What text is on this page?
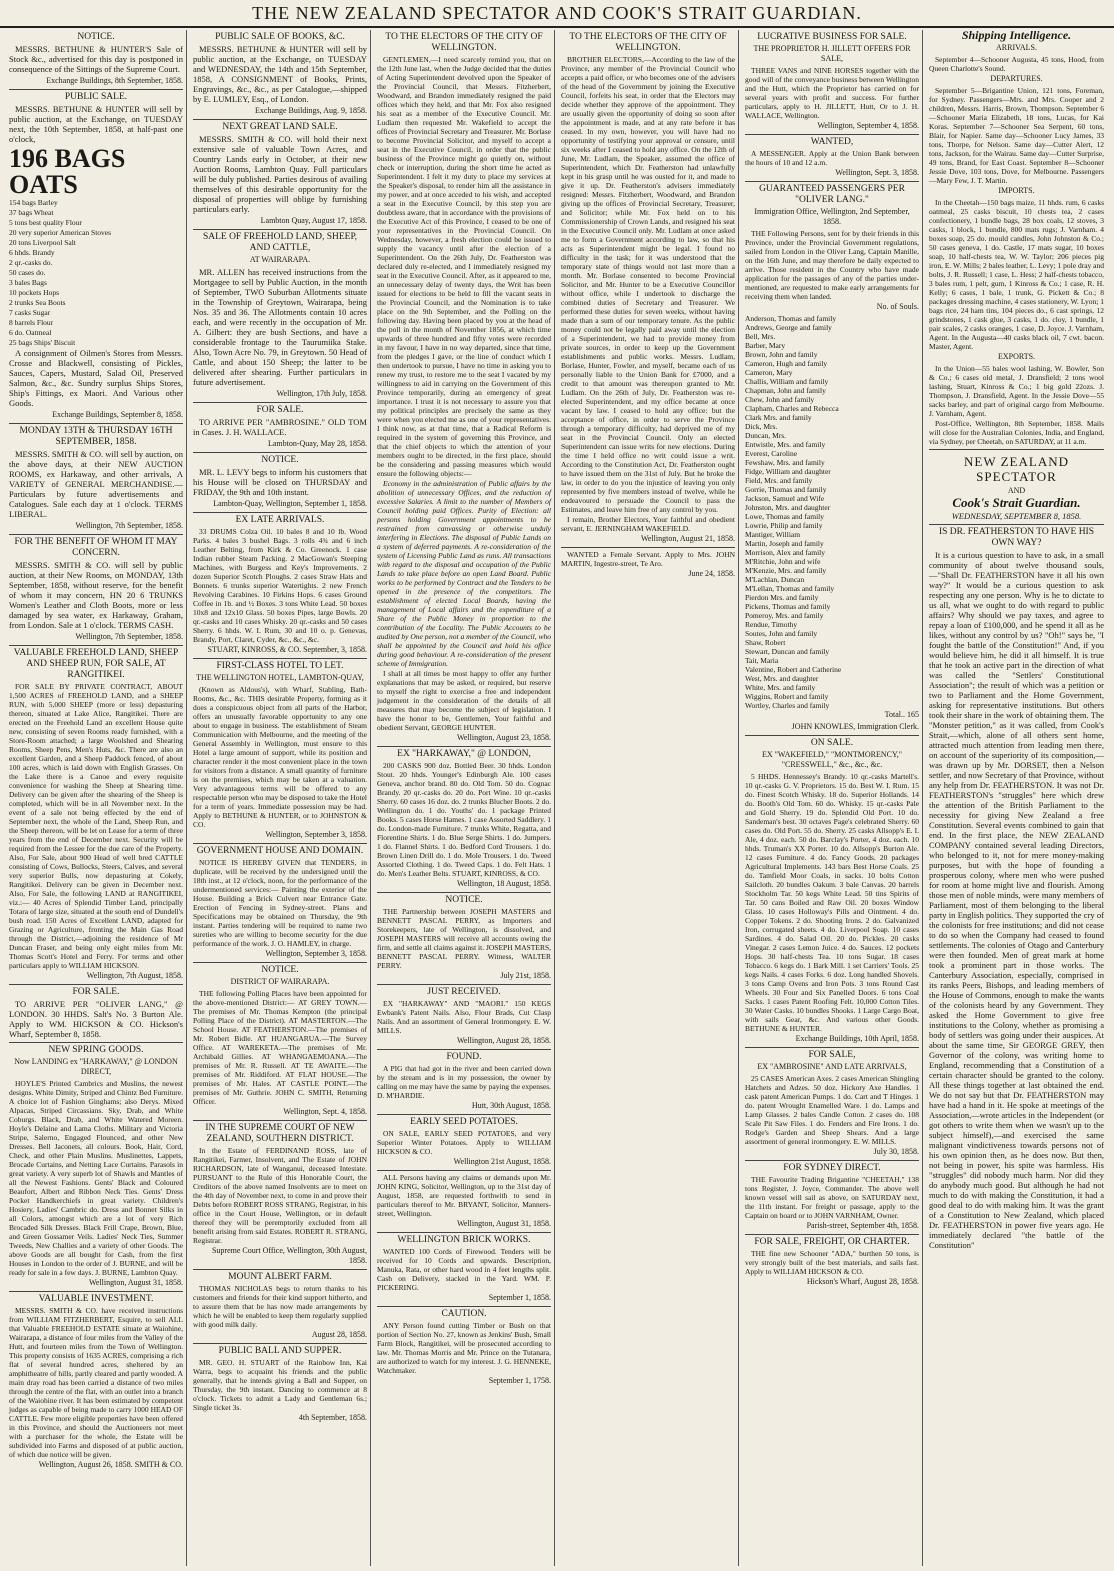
THE NEW ZEALAND SPECTATOR AND COOK'S STRAIT GUARDIAN.
NOTICE.
MESSRS. BETHUNE & HUNTER'S Sale of Stock &c., advertised for this day is postponed in consequence of the Sittings of the Supreme Court.
Exchange Buildings, 8th September, 1858.
PUBLIC SALE.
MESSRS. BETHUNE & HUNTER will sell by public auction, at the Exchange, on TUESDAY next, the 10th September, 1858, at half-past one o'clock,
196 BAGS OATS
154 bags Barley
37 bags Wheat
5 tons best quality Flour
20 very superior American Stoves
20 tons Liverpool Salt
6 hhds. Brandy
2 qr.-casks do.
50 cases do.
3 bales Bags
10 pockets Hops
2 trunks Sea Boots
7 casks Sugar
8 barrels Flour
6 do. Oatmeal
25 bags Ships' Biscuit
A consignment of Oilmen's Stores from Messrs. Crosse and Blackwell, consisting of Pickles, Sauces, Capers, Mustard, Salad Oil, Preserved Salmon, &c., &c. Sundry surplus Ships Stores, Ship's Fittings, ex Maori. And Various other Goods.
Exchange Buildings, September 8, 1858.
MONDAY 13TH & THURSDAY 16TH SEPTEMBER, 1858.
MESSRS. SMITH & CO. will sell by auction, on the above days, at their NEW AUCTION ROOMS, ex Harkaway, and other arrivals, A VARIETY of GENERAL MERCHANDISE.— Particulars by future advertisements and Catalogues. Sale each day at 1 o'clock. TERMS LIBERAL.
Wellington, 7th September, 1858.
FOR THE BENEFIT OF WHOM IT MAY CONCERN.
MESSRS. SMITH & CO. will sell by public auction, at their New Rooms, on MONDAY, 13th September, 1858, without reserve, for the benefit of whom it may concern, HN 20 6 TRUNKS Women's Leather and Cloth Boots, more or less damaged by sea water, ex Harkaway, Graham, from London. Sale at 1 o'clock. TERMS CASH.
Wellington, 7th September, 1858.
VALUABLE FREEHOLD LAND, SHEEP AND SHEEP RUN, FOR SALE, AT RANGITIKEI.
FOR SALE BY PRIVATE CONTRACT, ABOUT 1,500 ACRES of FREEHOLD LAND, and a SHEEP RUN, with 5,000 SHEEP (more or less) depasturing thereon, situated at Lake Alice, Rangitikei. There are erected on the Freehold Land an excellent House quite new, consisting of seven Rooms ready furnished, with a Store-Room attached; a large Woolshed and Shearing Rooms, Sheep Pens, Men's Huts, &c. There are also an excellent Garden, and a Sheep Paddock fenced, of about 100 acres, which is laid down with English Grasses. On the Lake there is a Canoe and every requisite convenience for washing the Sheep at Shearing time. Delivery can be given after the shearing of the Sheep is completed, which will be in all November next. In the event of a sale not being effected by the end of September next, the whole of the Land, Sheep Run, and the Sheep thereon, will be let on Lease for a term of three years from the end of December next. Security will be required from the Lessee for the due care of the Property. Also, For Sale, about 900 Head of well bred CATTLE consisting of Cows, Bullocks, Steers, Calves, and several very superior Bulls, now depasturing at Cokely, Rangitikei. Delivery can be given in December next. Also, For Sale, the following LAND at RANGITIKEI, viz.:— 40 Acres of Splendid Timber Land, principally Totara of large size, situated at the south end of Dundell's bush road. 150 Acres of Excellent LAND, adapted for Grazing or Agriculture, fronting the Main Gas Road through the District,—adjoining the residence of Mr Duncan Fraser, and being only eight miles from Mr. Thomas Scott's Hotel and Ferry. For terms and other particulars apply to WILLIAM HICKSON.
Wellington, 7th August, 1858.
FOR SALE.
TO ARRIVE PER "OLIVER LANG," @ LONDON. 30 HHDS. Salt's No. 3 Burton Ale. Apply to WM. HICKSON & CO. Hickson's Wharf, September 8, 1858.
NEW SPRING GOODS.
Now LANDING ex "HARKAWAY," @ LONDON DIRECT,
HOYLE'S Printed Cambrics and Muslins, the newest designs. White Dimity, Striped and Chintz Bed Furniture. A choice lot of Fashion Ginghams; also Derys. Mixed Alpacas, Striped Circassians. Sky, Drab, and White Coburgs. Black, Drab, and White Watered Moreen. Hoyle's Delaine and Lama Cloths. Military and Victoria Stripe, Salerno, Engaged Flounced, and other New Dresses. Bell Jaconets, all colours. Book, Hair, Cord, Check, and other Plain Muslins. Muslinettes, Lappets, Brocade Curtains, and Netting Lace Curtains. Parasols in great variety. A very superb lot of Shawls and Mantles of all the Newest Fashions. Gents' Black and Coloured Beaufort, Albert and Ribbon Neck Ties. Gents' Dress Pocket Handkerchiefs in great variety. Children's Hosiery, Ladies' Cambric do. Dress and Bonnet Silks in all Colors, amongst which are a lot of very Rich Brocaded Silk Dresses. Black Frill Crape, Brown, Blue, and Green Gossamer Veils. Ladies' Neck Ties, Summer Tweeds, New Challies and a variety of other Goods. The above Goods are all bought for Cash, from the first Houses in London to the order of J. BURNE, and will be ready for sale in a few days. J. BURNE, Lambton Quay.
Wellington, August 31, 1858.
VALUABLE INVESTMENT.
MESSRS. SMITH & CO. have received instructions from WILLIAM FITZHERBERT, Esquire, to sell ALL that Valuable FREEHOLD ESTATE situate at Waiohine, Wairarapa, a distance of four miles from the Valley of the Hutt, and fourteen miles from the Town of Wellington. This property consists of 1635 ACRES, comprising a rich flat of several hundred acres, sheltered by an amphitheatre of hills, partly cleared and partly wooded. A main dray road has been carried a distance of two miles through the centre of the flat, with an outlet into a branch of the Waiohine river. It has been estimated by competent judges as capable of being made to carry 1000 HEAD OF CATTLE. Few more eligible properties have been offered in this Province, and should the Auctioneers not meet with a purchaser for the whole, the Estate will be subdivided into Farms and disposed of at public auction, of which due notice will be given.
Wellington, August 26, 1858. SMITH & CO.
PUBLIC SALE OF BOOKS, &C.
MESSRS. BETHUNE & HUNTER will sell by public auction, at the Exchange, on TUESDAY and WEDNESDAY, the 14th and 15th September, 1858, A CONSIGNMENT of Books, Prints, Engravings, &c., &c., as per Catalogue,—shipped by E. LUMLEY, Esq., of London.
Exchange Buildings, Aug. 9, 1858.
NEXT GREAT LAND SALE.
MESSRS. SMITH & CO. will hold their next extensive sale of valuable Town Acres, and Country Lands early in October, at their new Auction Rooms, Lambton Quay. Full particulars will be duly published. Parties desirous of availing themselves of this desirable opportunity for the disposal of properties will oblige by furnishing particulars early.
Lambton Quay, August 17, 1858.
SALE OF FREEHOLD LAND, SHEEP, AND CATTLE,
AT WAIRARAPA.
MR. ALLEN has received instructions from the Mortgagee to sell by Public Auction, in the month of September, TWO Suburban Allotments situate in the Township of Greytown, Wairarapa, being Nos. 35 and 36. The Allotments contain 10 acres each, and were recently in the occupation of Mr. A. Gilbert: they are bush Sections, and have a considerable frontage to the Taurumiika Stake. Also, Town Acre No. 79, in Greytown. 50 Head of Cattle, and about 150 Sheep; the latter to be delivered after shearing. Further particulars in future advertisement.
Wellington, 17th July, 1858.
FOR SALE.
TO ARRIVE PER "AMBROSINE." OLD TOM in Cases. J. H. WALLACE.
Lambton-Quay, May 28, 1858.
NOTICE.
MR. L. LEVY begs to inform his customers that his House will be closed on THURSDAY and FRIDAY, the 9th and 10th instant.
Lambton-Quay, Wellington, September 1, 1858.
EX LATE ARRIVALS.
33 DRUMS Colza Oil. 10 bales 8 and 10 lb. Wood Parks. 4 bales 3 bushel Bags. 3 rolls 4¾ and 6 inch Leather Belting, from Kirk & Co. Greenock. 1 case Indian rubber Steam Packing. 2 MacGowan's Steeping Machines, with Burgess and Key's Improvements. 2 dozen Superior Scotch Ploughs. 2 cases Straw Hats and Bonnets. 6 trunks superior Watertights. 2 new French Revolving Carabines. 10 Firkins Hops. 6 cases Ground Coffee in 1b. and ½ Boxes. 3 tons White Lead. 50 boxes 10x8 and 12x10 Glass. 50 boxes Pipes, large Bowls. 20 qr.-casks and 10 cases Whisky. 20 qr.-casks and 50 cases Sherry. 6 hhds. W. I. Rum, 30 and 10 o. p. Genevas, Brandy, Port, Claret, Cyder, &c., &c., &c.
STUART, KINROSS, & CO. September, 3, 1858.
FIRST-CLASS HOTEL TO LET.
THE WELLINGTON HOTEL, LAMBTON-QUAY,
(Known as Aldous's), with Wharf, Stabling, Bath-Rooms, &c., &c. THIS desirable Property, forming as it does a conspicuous object from all parts of the Harbor, offers an unusually favorable opportunity to any one about to engage in business. The establishment of Steam Communication with Melbourne, and the meeting of the General Assembly in Wellington, must ensure to this Hotel a large amount of support, while its position and character render it the most convenient place in the town for visitors from a distance. A small quantity of furniture is on the premises, which may be taken at a valuation. Very advantageous terms will be offered to any respectable person who may be disposed to take the Hotel for a term of years. Immediate possession may be had. Apply to BETHUNE & HUNTER, or to JOHNSTON & CO.
Wellington, September 3, 1858.
GOVERNMENT HOUSE AND DOMAIN.
NOTICE IS HEREBY GIVEN that TENDERS, in duplicate, will be received by the undersigned until the 18th inst., at 12 o'clock, noon, for the performance of the undermentioned services:— Painting the exterior of the House. Building a Brick Culvert near Entrance Gate. Erection of Fencing in Sydney-street. Plans and Specifications may be obtained on Thursday, the 9th instant. Parties tendering will be required to name two sureties who are willing to become security for the due performance of the work. J. O. HAMLEY, in charge.
Wellington, September 3, 1858.
NOTICE.
DISTRICT OF WAIRARAPA.
THE following Polling Places have been appointed for the above-mentioned District:— AT GREY TOWN.—The premises of Mr. Thomas Kempton (the principal Polling Place of the District). AT MASTERTON.—The School House. AT FEATHERSTON.—The premises of Mr. Robert Bidle. AT HUANGARUA.—The Survey Office. AT WAREKETA.—The premises of Mr. Archibald Gillies. AT WHANGAEMOANA.—The premises of Mr. R. Russell. AT TE AWAITE.—The premises of Mr. Riddiford. AT FLAT HOUSE.—The premises of Mr. Hales. AT CASTLE POINT.—The premises of Mr. Guthrie. JOHN C. SMITH, Returning Officer.
Wellington, Sept. 4, 1858.
IN THE SUPREME COURT OF NEW ZEALAND, SOUTHERN DISTRICT.
In the Estate of FERDINAND ROSS, late of Rangitikei, Farmer, Insolvent, and The Estate of JOHN RICHARDSON, late of Wanganui, deceased Intestate. PURSUANT to the Rule of this Honorable Court, the Creditors of the above named Insolvents are to meet on the 4th day of November next, to come in and prove their Debts before ROBERT ROSS STRANG, Registrar, in his office in the Court House, Wellington, or in default thereof they will be peremptorily excluded from all benefit arising from said Estates. ROBERT R. STRANG, Registrar.
Supreme Court Office, Wellington, 30th August, 1858.
MOUNT ALBERT FARM.
THOMAS NICHOLAS begs to return thanks to his customers and friends for their kind support hitherto, and to assure them that he has now made arrangements by which he will be enabled to keep them regularly supplied with good milk daily.
August 28, 1858.
PUBLIC BALL AND SUPPER.
MR. GEO. H. STUART of the Rainbow Inn, Kai Warra, begs to acquaint his friends and the public generally, that he intends giving a Ball and Supper, on Thursday, the 9th instant. Dancing to commence at 8 o'clock. Tickets to admit a Lady and Gentleman 6s.; Single ticket 3s.
4th September, 1858.
TO THE ELECTORS OF THE CITY OF WELLINGTON.
GENTLEMEN,—I need scarcely remind you, that on the 12th June last, when the Judge decided that the duties of Acting Superintendent devolved upon the Speaker of the Provincial Council, that Messrs. Fitzherbert, Woodward, and Brandon immediately resigned the paid offices which they held, and that Mr. Fox also resigned his seat as a member of the Executive Council. Mr. Ludlam then requested Mr. Wakefield to accept the offices of Provincial Secretary and Treasurer. Mr. Borlase to become Provincial Solicitor, and myself to accept a seat in the Executive Council, in order that the public business of the Province might go quietly on, without check or interruption, during the short time he acted as Superintendent. I felt it my duty to place my services at the Speaker's disposal, to render him all the assistance in my power, and at once acceded to his wish, and accepted a seat in the Executive Council, by this step you are doubtless aware, that in accordance with the provisions of the Executive Act of this Province, I ceased to be one of your representatives in the Provincial Council. On Wednesday, however, a fresh election could be issued to supply the vacancy until after the election of a Superintendent. On the 26th July, Dr. Featherston was declared duly re-elected, and I immediately resigned my seat in the Executive Council. After, as it appeared to me, an unnecessary delay of twenty days, the Writ has been issued for elections to be held to fill the vacant seats in the Provincial Council, and the Nomination is to take place on the 9th September, and the Polling on the following day. Having been placed by you at the head of the poll in the month of November 1856, at which time upwards of three hundred and fifty votes were recorded in my favour, I have in no way departed, since that time, from the pledges I gave, or the line of conduct which I then undertook to pursue, I have no time in asking you to renew my trust, to restore me to the seat I vacated by my willingness to aid in carrying on the Government of this Province temporarily, during an emergency of great importance. I trust it is not necessary to assure you that my political principles are precisely the same as they were when you elected me as one of your representatives. I think now, as at that time, that a Radical Reform is required in the system of governing this Province, and that the chief objects to which the attention of your members ought to be directed, in the first place, should be the considering and passing measures which would ensure the following objects:—
Economy in the administration of Public affairs by the abolition of unnecessary Offices, and the reduction of excessive Salaries. A limit to the number of Members of Council holding paid Offices. Purity of Election: all persons holding Government appointments to be restrained from canvassing or otherwise unduly interfering in Elections. The disposal of Public Lands on a system of deferred payments. A re-consideration of the system of Licensing Public Land as runs. All transactions with regard to the disposal and occupation of the Public Lands to take place before an open Land Board. Public works to be performed by Contract and the Tenders to be opened in the presence of the competitors. The establishment of elected Local Boards, having the management of Local affairs and the expenditure of a Share of the Public Money in proportion to the contribution of the Locality. The Public Accounts to be audited by One person, not a member of the Council, who shall be appointed by the Council and hold his office during good behaviour. A re-consideration of the present scheme of Immigration.
I shall at all times be most happy to offer any further explanations that may be asked, or required, but reserve to myself the right to exercise a free and independent judgement in the consideration of the details of all measures that may become the subject of legislation. I have the honor to be, Gentlemen, Your faithful and obedient Servant, GEORGE HUNTER.
Wellington, August 23, 1858.
EX "HARKAWAY," @ LONDON,
200 CASKS 900 doz. Bottled Beer. 30 hhds. London Stout. 20 hhds. Younger's Edinburgh Ale. 100 cases Geneva, anchor brand. 80 do. Old Tom. 50 do. Cognac Brandy. 20 qr.-casks do. 20 do. Port Wine. 10 qr.-casks Sherry. 60 cases 16 doz. do. 2 trunks Blucher Boots. 2 do. Wellington do. 1 do. Youths' do. 1 package Printed Books. 5 cases Horse Hames. 1 case Assorted Saddlery. 1 do. London-made Furniture. 7 trunks White, Regatta, and Florentine Shirts. 1 do. Blue Serge Shirts. 1 do. Jumpers. 1 do. Flannel Shirts. 1 do. Bedford Cord Trousers. 1 do. Brown Linen Drill do. 1 do. Mole Trousers. 1 do. Tweed Assorted Clothing. 1 do. Tweed Caps. 1 do. Felt Hats. 1 do. Men's Leather Belts. STUART, KINROSS, & CO.
Wellington, 18 August, 1858.
NOTICE.
THE Partnership between JOSEPH MASTERS and BENNETT PASCAL PERRY, as Importers and Storekeepers, late of Wellington, is dissolved, and JOSEPH MASTERS will receive all accounts owing the firm, and settle all claims against it. JOSEPH MASTERS, BENNETT PASCAL PERRY. Witness, WALTER PERRY.
July 21st, 1858.
JUST RECEIVED.
EX "HARKAWAY" AND "MAORI." 150 KEGS Ewbank's Patent Nails. Also, Flour Brads, Cut Clasp Nails. And an assortment of General Ironmongery. E. W. MILLS.
Wellington, August 28, 1858.
FOUND.
A PIG that had got in the river and been carried down by the stream and is in my possession, the owner by calling on me may have the same by paying the expenses. D. M'HARDIE.
Hutt, 30th August, 1858.
EARLY SEED POTATOES.
ON SALE, EARLY SEED POTATOES, and very Superior Winter Potatoes. Apply to WILLIAM HICKSON & CO.
Wellington 21st August, 1858.
ALL Persons having any claims or demands upon Mr. JOHN KING, Solicitor, Wellington, up to the 31st day of August, 1858, are requested forthwith to send in particulars thereof to Mr. BRYANT, Solicitor, Manners-street, Wellington.
Wellington, August 31, 1858.
WELLINGTON BRICK WORKS.
WANTED 100 Cords of Firewood. Tenders will be received for 10 Cords and upwards. Description, Manuka, Rata, or other hard wood in 4 feet lengths split. Cash on Delivery, stacked in the Yard. WM. P. PICKERING.
September 1, 1858.
CAUTION.
ANY Person found cutting Timber or Bush on that portion of Section No. 27, known as Jenkins' Bush, Small Farm Block, Rangitikei, will be prosecuted according to law. Mr. Thomas Morris and Mr. Prince on the Tutanara, are authorized to watch for my interest. J. G. HENNEKE, Watchmaker.
September 1, 1758.
TO THE ELECTORS OF THE CITY OF WELLINGTON.
BROTHER ELECTORS,—According to the law of the Province, any member of the Provincial Council who accepts a paid office, or who becomes one of the advisers of the head of the Government by joining the Executive Council, forfeits his seat, in order that the Electors may decide whether they approve of the appointment. They are usually given the opportunity of doing so soon after the appointment is made, and at any rate before it has ceased. In my own, however, you will have had no opportunity of testifying your approval or censure, until six weeks after I ceased to hold any office. On the 12th of June, Mr. Ludlam, the Speaker, assumed the office of Superintendent, which Dr. Featherston had unlawfully kept in his grasp until he was ousted for it, and made to give it up. Dr. Featherston's advisers immediately resigned: Messrs. Fitzherbert, Woodward, and Brandon giving up the offices of Provincial Secretary, Treasurer, and Solicitor; while Mr. Fox held on to his Commissionership of Crown Lands, and resigned his seat in the Executive Council only. Mr. Ludlam at once asked me to form a Government according to law, so that his acts as Superintendent might be legal. I found no difficulty in the task; for it was understood that the temporary state of things would not last more than a month. Mr. Borlase consented to become Provincial Solicitor, and Mr. Hunter to be a Executive Councillor without office, while I undertook to discharge the combined duties of Secretary and Treasurer. We performed these duties for seven weeks, without having made than a sum of our temporary tenure. As the public money could not be legally paid away until the election of a Superintendent, we had to provide money from private sources, in order to keep up the Government establishments and public works. Messrs. Ludlam, Borlase, Hunter, Fowler, and myself, became each of us personally liable to the Union Bank for £7000, and a credit to that amount was thereupon granted to Mr. Ludlam. On the 26th of July, Dr. Featherston was re-elected Superintendent, and my office became at once vacant by law. I ceased to hold any office: but the acceptance of office, in order to serve the Province through a temporary difficulty, had deprived me of my seat in the Provincial Council. Only an elected Superintendent can issue writs for new elections. During the time I held office no writ could issue a writ. According to the Constitution Act, Dr. Featherston ought to have issued them on the 31st of July. But he broke the law, in order to do you the injustice of leaving you only represented by five members instead of twelve, while he endeavoured to persuade the Council to pass the Estimates, and leave him free of any control by you.
I remain, Brother Electors, Your faithful and obedient servant, E. JERNINGHAM WAKEFIELD.
Wellington, August 21, 1858.
WANTED a Female Servant. Apply to Mrs. JOHN MARTIN, Ingestre-street, Te Aro.
June 24, 1858.
LUCRATIVE BUSINESS FOR SALE.
THE PROPRIETOR H. JILLETT OFFERS FOR SALE,
THREE VANS and NINE HORSES together with the good will of the conveyance business between Wellington and the Hutt, which the Proprietor has carried on for several years with profit and success. For further particulars, apply to H. JILLETT, Hutt, Or to J. H. WALLACE, Wellington.
Wellington, September 4, 1858.
WANTED,
A MESSENGER. Apply at the Union Bank between the hours of 10 and 12 a.m.
Wellington, Sept. 3, 1858.
GUARANTEED PASSENGERS PER "OLIVER LANG."
Immigration Office, Wellington, 2nd September, 1858.
THE Following Persons, sent for by their friends in this Province, under the Provincial Government regulations, sailed from London in the Oliver Lang, Captain Manille, on the 16th June, and may therefore be daily expected to arrive. Those resident in the Country who have made application for the passages of any of the parties under-mentioned, are requested to make early arrangements for receiving them when landed.
No. of Souls.
Anderson, Thomas and family
Andrews, George and family
Bell, Mrs.
Barber, Mary
Brown, John and family
Cameron, Hugh and family
Cameron, Mary
Challis, William and family
Chapman, John and family
Chew, John and family
Clapham, Charles and Rebecca
Clark Mrs. and family
Dick, Mrs.
Duncan, Mrs.
Entwistle, Mrs. and family
Everest, Caroline
Fewshaw, Mrs. and family
Fidge, William and daughter
Field, Mrs. and family
Gorrie, Thomas and family
Jackson, Samuel and Wife
Johnston, Mrs. and daughter
Lowe, Thomas and family
Lowrie, Philip and family
Mantiger, William
Martin, Joseph and family
Morrison, Alex and family
M'Ritchie, John and wife
M'Kenzie, Mrs. and family
M'Lachlan, Duncan
M'Lellan, Thomas and family
Pierdon Mrs. and family
Pickens, Thomas and family
Pomeroy, Mrs. and family
Rendue, Timothy
Soutes, John and family
Shaw, Robert
Stewart, Duncan and family
Tait, Maria
Valentine, Robert and Catherine
West, Mrs. and daughter
White, Mrs. and family
Wiggins, Robert and family
Wortley, Charles and family
Total.. 165
JOHN KNOWLES, Immigration Clerk.
ON SALE.
EX "WAKEFIELD," "MONTMORENCY," "CRESSWELL," &c., &c., &c.
5 HHDS. Hennessey's Brandy. 10 qr.-casks Martell's. 10 qr.-casks G. V. Proprietors. 15 do. Best W. I. Rum. 15 do. Finest Scotch Whisky. 18 do. Superior Hollands. 14 do. Booth's Old Tom. 60 do. Whisky. 15 qr.-casks Pale and Gold Sherry. 19 do. Splendid Old Port. 10 do. Sandeman's best. 30 octaves Page's celebrated Sherry. 60 cases do. Old Port. 55 do. Sherry. 25 casks Allsopp's E. I. Ale, 4 doz. each. 50 do. Barclay's Porter, 4 doz. each. 10 hhds. Truman's XX Porter. 10 do. Allsopp's Burton Ale. 12 cases Furniture. 4 do. Fancy Goods. 20 packages Agricultural Implements. 143 bars Best Horse Coals. 25 do. Tamfield Moor Coals, in sacks. 10 bolts Cotton Sailcloth. 20 bundles Oakum. 3 bale Canvas. 20 barrels Stockholm Tar. 50 kegs White Lead. 50 tins Spirits of Tar. 50 cans Boiled and Raw Oil. 20 boxes Window Glass. 10 cases Holloway's Pills and Ointment. 4 do. Copper Tokens. 2 do. Shooting Irons. 2 do. Galvanized Iron, corrugated sheets. 4 do. Liverpool Soap. 10 cases Sardines. 4 do. Salad Oil. 20 do. Pickles. 20 casks Vinegar. 2 cases Lemon Juice. 4 do. Sauces. 12 pockets Hops. 30 half-chests Tea. 10 tons Sugar. 18 cases Tobacco. 6 kegs do. 1 Bark Mill. 1 set Carriers' Tools. 25 kegs Nails. 4 cases Forks. 6 doz. Long handled Shovels. 3 tons Camp Ovens and Iron Pots. 3 tons Round Cast Wheels. 30 Four and Six Panelled Doors. 6 tons Coal Sacks. 1 cases Patent Roofing Felt. 10,000 Cotton Tiles. 30 Water Casks. 10 bundles Shooks. 1 Large Cargo Boat, with sails Gear, &c. And various other Goods. BETHUNE & HUNTER.
Exchange Buildings, 10th April, 1858.
FOR SALE,
EX "AMBROSINE" AND LATE ARRIVALS,
25 CASES American Axes. 2 cases American Shingling Hatchets and Adzes. 50 doz. Hickory Axe Handles. 1 cask patent American Pumps. 1 do. Cart and T Hinges. 1 do. patent Wrought Enamelled Ware. 1 do. Lamps and Lamp Glasses. 2 bales Candle Cotton. 2 cases do. 108 Scale Pit Saw Files. 1 do. Fenders and Fire Irons. 1 do. Rodge's Garden and Sheep Shears. And a large assortment of general ironmongery. E. W. MILLS.
July 30, 1858.
FOR SYDNEY DIRECT.
THE Favourite Trading Brigantine "CHEETAH," 138 tons Register, J. Joyce, Commander. The above well known vessel will sail as above, on SATURDAY next, the 11th instant. For freight or passage, apply to the Captain on board or to JOHN VARNHAM, Owner.
Parish-street, September 4th, 1858.
FOR SALE, FREIGHT, OR CHARTER.
THE fine new Schooner "ADA," burthen 50 tons, is very strongly built of the best materials, and sails fast. Apply to WILLIAM HICKSON & CO.
Hickson's Wharf, August 28, 1858.
Shipping Intelligence.
ARRIVALS.
September 4—Schooner Augusta, 45 tons, Hood, from Queen Charlotte's Sound.
DEPARTURES.
September 5—Brigantine Union, 121 tons, Foreman, for Sydney. Passengers—Mrs. and Mrs. Cooper and 2 children, Messrs. Harris, Brown, Thompson. September 6—Schooner Maria Elizabeth, 18 tons, Lucas, for Kai Koras. September 7—Schooner Sea Serpent, 60 tons, Blair, for Napier. Same day—Schooner Lucy James, 33 tons, Thorpe, for Nelson. Same day—Cutter Alert, 12 tons, Jackson, for the Wairau. Same day—Cutter Surprise, 49 tons, Brand, for East Coast. September 8—Schooner Jessie Dove, 103 tons, Dove, for Melbourne. Passengers—Mary Few, J. T. Martin.
IMPORTS.
In the Cheetah—150 bags maize, 11 hhds. rum, 6 casks oatmeal, 25 casks biscuit, 10 chests tea, 2 cases confectionery, 1 bundle bags, 28 box coals, 12 stoves, 3 casks, 1 block, 1 bundle, 800 mats rugs; J. Varnham. 4 boxes soap, 25 do. mould candles, John Johnston & Co.; 50 cases geneva, 1 do. Castle, 17 mats sugar, 10 boxes soap, 10 half-chests tea, W. W. Taylor; 206 pieces pig iron, E. W. Mills; 2 bales leather, L. Levy; 1 pole dray and bolts, J. R. Russell; 1 case, L. Hess; 2 half-chests tobacco, 3 bales rum, 1 pelt, gum, 1 Kinross & Co.; 1 case, R. H. Kelly; 6 cases, 1 bale, 1 trunk, G. Pickett & Co.; 8 packages dressing machine, 4 cases stationery, W. Lyon; 1 bags rice, 24 ham tins, 104 pieces do., 6 cast springs, 12 grindstones, 1 cask glue, 3 casks, 1 do. cloy, 1 bundle, 1 pair scales, 2 casks oranges, 1 case, D. Joyce. J. Varnham, Agent. In the Augusta—40 casks black oil, 7 cwt. bacon. Master, Agent.
EXPORTS.
In the Union—55 bales wool lashing, W. Bowler, Son & Co.; 6 cases old metal, J. Dransfield; 2 tons wool lashing, Stuart, Kinross & Co.; 1 big gold 22ozs. J. Thompson, J. Dransfield, Agent. In the Jessie Dove—55 sacks barley, and part of original cargo from Melbourne. J. Varnham, Agent.
Post-Office, Wellington, 8th September, 1858. Mails will close for the Australian Colonies, India, and England, via Sydney, per Cheetah, on SATURDAY, at 11 a.m.
NEW ZEALAND SPECTATOR
AND
Cook's Strait Guardian.
WEDNESDAY, SEPTEMBER 8, 1858.
IS DR. FEATHERSTON TO HAVE HIS OWN WAY?
It is a curious question to have to ask, in a small community of about twelve thousand souls,—"Shall Dr. FEATHERSTON have it all his own way?" It would be a curious question to ask respecting any one person. Why is he to dictate to us all, what we ought to do with regard to public affairs? Why should we pay taxes, and agree to repay a loan of £100,000, and he spend it all as he likes, without any control by us? "Oh!" says he, "I fought the battle of the Constitution!" And, if you would believe him, he did it all himself. It is true that he took an active part in the direction of what was called the "Settlers' Constitutional Association"; the result of which was a petition or two to Parliament and the Home Government, asking for representative institutions. But others took their share in the work of obtaining them. The "Monster petition," as it was called, from Cook's Strait,—which, alone of all others sent home, attracted much attention from leading men there, on account of the superiority of its composition,—was drawn up by Mr. DORSET, then a Nelson settler, and now Secretary of that Province, without any help from Dr. FEATHERSTON. It was not Dr. FEATHERSTON's "struggles" here which drew the attention of the British Parliament to the necessity for giving New Zealand a free Constitution. Several events combined to gain that end. In the first place, the NEW ZEALAND COMPANY contained several leading Directors, who belonged to it, not for mere money-making purposes, but with the hope of founding a prosperous colony, where men who were pushed for room at home might live and flourish. Among those men of noble minds, were many members of Parliament, most of them belonging to the liberal party in English politics. They supported the cry of the colonists for free institutions; and did not cease to do so when the Company had ceased to found settlements. The colonies of Otago and Canterbury were then founded. Men of great mark at home took a prominent part in those works. The Canterbury Association, especially, comprised in its ranks Peers, Bishops, and leading members of the House of Commons, enough to make the wants of the colonists heard by any Government. They asked the Home Government to give free institutions to the Colony, whether as promising a body of settlers was going under their auspices. At about the same time, Sir GEORGE GREY, then Governor of the colony, was writing home to England, recommending that a Constitution of a certain character should be granted to the colony. All these things together at last obtained the end. We do not say but that Dr. FEATHERSTON may have had a hand in it. He spoke at meetings of the Association,—wrote articles in the Independent (or got others to write them when we wasn't up to the subject himself),—and exercised the same malignant vindictiveness towards persons not of his own opinion then, as he does now. But then, not being in power, his spite was harmless. His "struggles" did nobody much harm. Nor did they do anybody much good. But although he had not much to do with making the Constitution, it had a good deal to do with making him. It was the grant of a Constitution to New Zealand, which placed Dr. FEATHERSTON in power five years ago. He immediately declared "the battle of the Constitution"
